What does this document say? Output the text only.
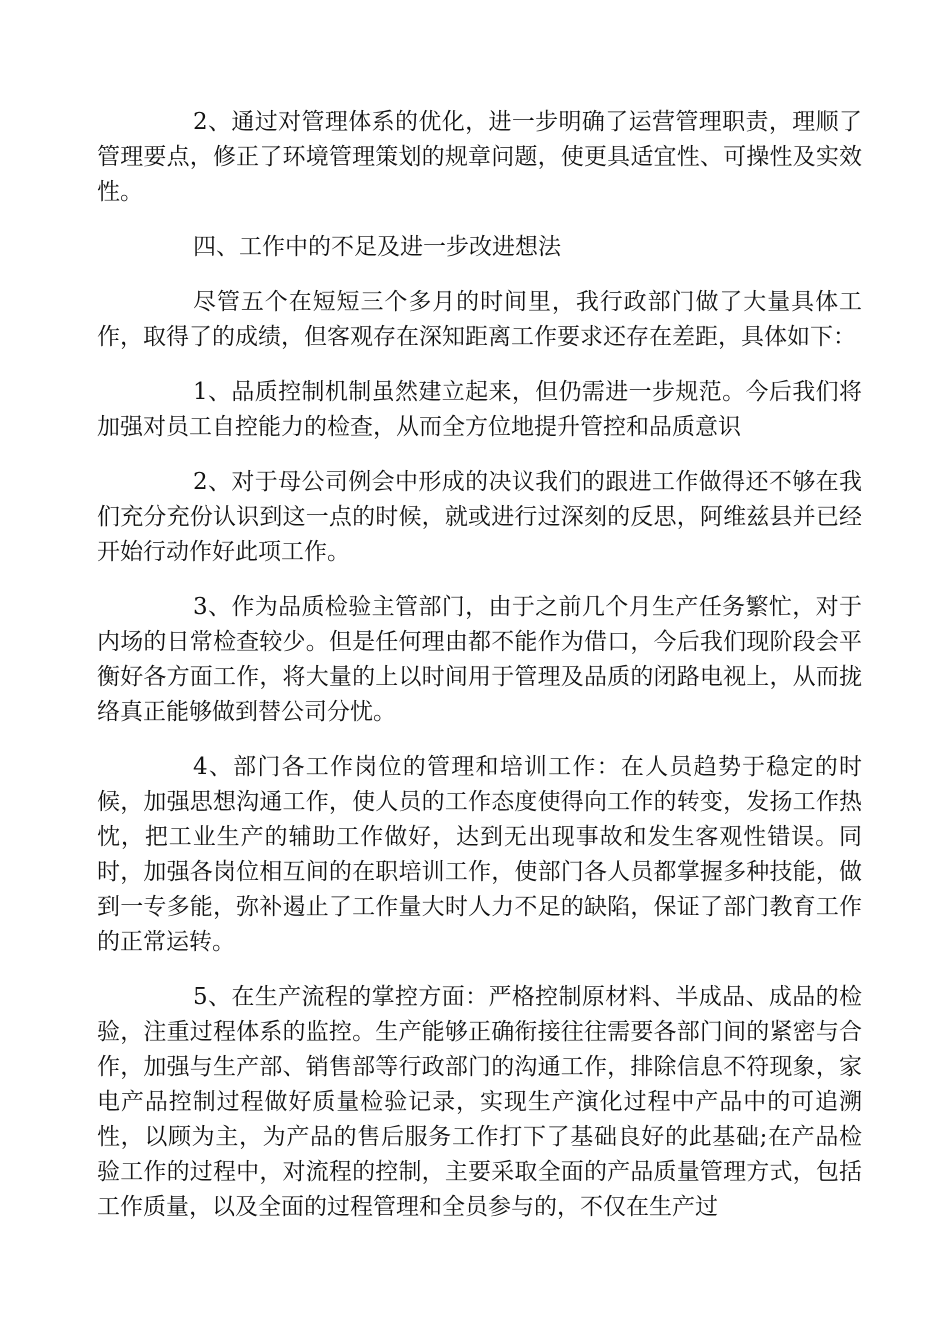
2、通过对管理体系的优化，进一步明确了运营管理职责，理顺了管理要点，修正了环境管理策划的规章问题，使更具适宜性、可操性及实效性。

四、工作中的不足及进一步改进想法

尽管五个在短短三个多月的时间里，我行政部门做了大量具体工作，取得了的成绩，但客观存在深知距离工作要求还存在差距，具体如下：

1、品质控制机制虽然建立起来，但仍需进一步规范。今后我们将加强对员工自控能力的检查，从而全方位地提升管控和品质意识

2、对于母公司例会中形成的决议我们的跟进工作做得还不够在我们充分充份认识到这一点的时候，就或进行过深刻的反思，阿维兹县并已经开始行动作好此项工作。

3、作为品质检验主管部门，由于之前几个月生产任务繁忙，对于内场的日常检查较少。但是任何理由都不能作为借口，今后我们现阶段会平衡好各方面工作，将大量的上以时间用于管理及品质的闭路电视上，从而拢络真正能够做到替公司分忧。

4、部门各工作岗位的管理和培训工作：在人员趋势于稳定的时候，加强思想沟通工作，使人员的工作态度使得向工作的转变，发扬工作热忱，把工业生产的辅助工作做好，达到无出现事故和发生客观性错误。同时，加强各岗位相互间的在职培训工作，使部门各人员都掌握多种技能，做到一专多能，弥补遏止了工作量大时人力不足的缺陷，保证了部门教育工作的正常运转。

5、在生产流程的掌控方面：严格控制原材料、半成品、成品的检验，注重过程体系的监控。生产能够正确衔接往往需要各部门间的紧密与合作，加强与生产部、销售部等行政部门的沟通工作，排除信息不符现象，家电产品控制过程做好质量检验记录，实现生产演化过程中产品中的可追溯性，以顾为主，为产品的售后服务工作打下了基础良好的此基础;在产品检验工作的过程中，对流程的控制，主要采取全面的产品质量管理方式，包括工作质量，以及全面的过程管理和全员参与的，不仅在生产过
